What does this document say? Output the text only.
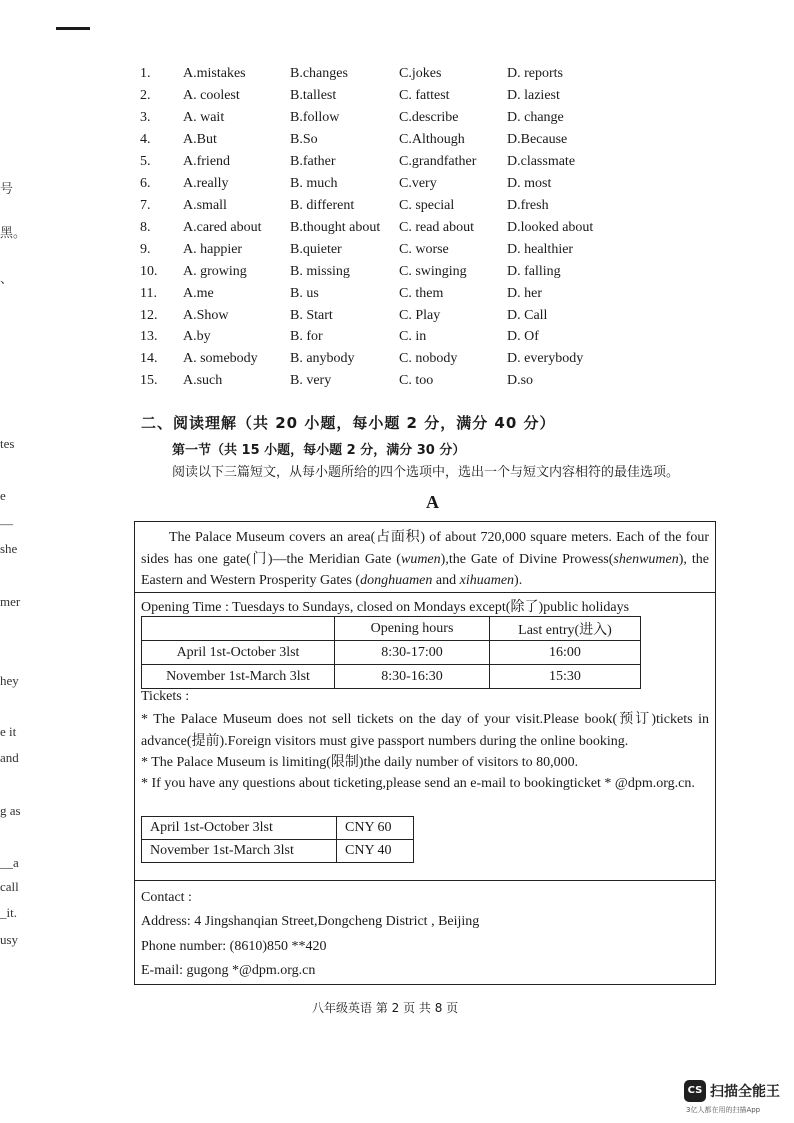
号
黑。
、
tes
e
—
she
mer
hey
e it
and
g as
__a
call
_it.
usy
1. A.mistakes	B.changes	C.jokes	D. reports
2. A. coolest	B.tallest	C. fattest	D. laziest
3. A. wait	B.follow	C.describe	D. change
4. A.But	B.So	C.Although	D.Because
5. A.friend	B.father	C.grandfather D.classmate
6. A.really	B. much	C.very	D. most
7. A.small	B. different	C. special	D.fresh
8. A.cared about B.thought about C. read about D.looked about
9. A. happier	B.quieter	C. worse	D. healthier
10. A. growing	B. missing	C. swinging	D. falling
11. A.me	B. us	C. them	D. her
12. A.Show	B. Start	C. Play	D. Call
13. A.by	B. for	C. in	D. Of
14. A. somebody B. anybody	C. nobody	D. everybody
15. A.such	B. very	C. too	D.so
二、阅读理解（共 20 小题，每小题 2 分，满分 40 分）
第一节（共 15 小题，每小题 2 分，满分 30 分）
阅读以下三篇短文，从每小题所给的四个选项中，选出一个与短文内容相符的最佳选项。
A
The Palace Museum covers an area(占面积) of about 720,000 square meters. Each of the four sides has one gate(门)—the Meridian Gate (wumen),the Gate of Divine Prowess(shenwumen), the Eastern and Western Prosperity Gates (donghuamen and xihuamen).
Opening Time : Tuesdays to Sundays, closed on Mondays except(除了)public holidays
	Opening hours	Last entry(进入)
April 1st-October 3lst	8:30-17:00	16:00
November 1st-March 3lst	8:30-16:30	15:30
Tickets :
* The Palace Museum does not sell tickets on the day of your visit.Please book(预订)tickets in advance(提前).Foreign visitors must give passport numbers during the online booking.
* The Palace Museum is limiting(限制)the daily number of visitors to 80,000.
* If you have any questions about ticketing,please send an e-mail to bookingticket * @dpm.org.cn.
April 1st-October 3lst	CNY 60
November 1st-March 3lst	CNY 40
Contact :
Address: 4 Jingshanqian Street,Dongcheng District , Beijing
Phone number: (8610)850 **420
E-mail: gugong *@dpm.org.cn
八年级英语 第 2 页 共 8 页
CS 扫描全能王
3亿人都在用的扫描App
